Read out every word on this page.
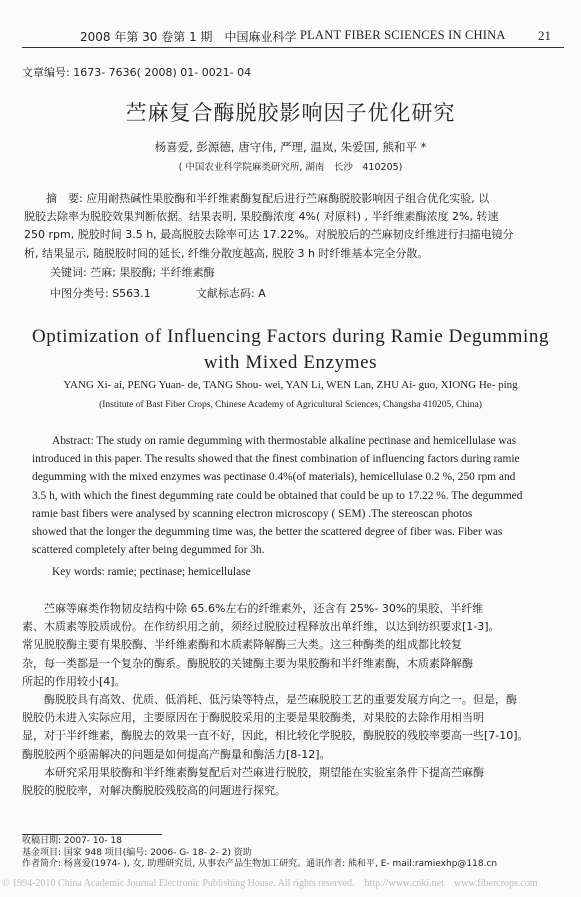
2008 年第 30 卷第 1 期　中国麻业科学 PLANT FIBER SCIENCES IN CHINA 21
文章编号: 1673- 7636( 2008) 01- 0021- 04
苎麻复合酶脱胶影响因子优化研究
杨喜爱, 彭源德, 唐守伟, 严理, 温岚, 朱爱国, 熊和平 *
( 中国农业科学院麻类研究所, 湖南　长沙　410205)

摘　要: 应用耐热碱性果胶酶和半纤维素酶复配后进行苎麻酶脱胶影响因子组合优化实验, 以

脱胶去除率为脱胶效果判断依据。结果表明, 果胶酶浓度 4%( 对原料) , 半纤维素酶浓度 2%, 转速

250 rpm, 脱胶时间 3.5 h, 最高脱胶去除率可达 17.22%。对脱胶后的苎麻韧皮纤维进行扫描电镜分

析, 结果显示, 随脱胶时间的延长, 纤维分散度越高, 脱胶 3 h 时纤维基本完全分散。

关键词: 苎麻; 果胶酶; 半纤维素酶
中图分类号: S563.1	文献标志码: A
Optimization of Influencing Factors during Ramie Degumming
with Mixed Enzymes
YANG Xi- ai, PENG Yuan- de, TANG Shou- wei, YAN Li, WEN Lan, ZHU Ai- guo, XIONG He- ping
(Institute of Bast Fiber Crops, Chinese Academy of Agricultural Sciences, Changsha 410205, China)

Abstract: The study on ramie degumming with thermostable alkaline pectinase and hemicellulase was

introduced in this paper. The results showed that the finest combination of influencing factors during ramie

degumming with the mixed enzymes was pectinase 0.4%(of materials), hemicellulase 0.2 %, 250 rpm and

3.5 h, with which the finest degumming rate could be obtained that could be up to 17.22 %. The degummed

ramie bast fibers were analysed by scanning electron microscopy ( SEM) .The stereoscan photos

showed that the longer the degumming time was, the better the scattered degree of fiber was. Fiber was

scattered completely after being degummed for 3h.

Key words: ramie; pectinase; hemicellulase

　　苎麻等麻类作物韧皮结构中除 65.6%左右的纤维素外，还含有 25%- 30%的果胶、半纤维

素、木质素等胶质成份。在作纺织用之前，须经过脱胶过程释放出单纤维，以达到纺织要求[1-3]。

常见脱胶酶主要有果胶酶、半纤维素酶和木质素降解酶三大类。这三种酶类的组成都比较复

杂，每一类都是一个复杂的酶系。酶脱胶的关键酶主要为果胶酶和半纤维素酶，木质素降解酶

所起的作用较小[4]。

　　酶脱胶具有高效、优质、低消耗、低污染等特点，是苎麻脱胶工艺的重要发展方向之一。但是，酶

脱胶仍未进入实际应用，主要原因在于酶脱胶采用的主要是果胶酶类，对果胶的去除作用相当明

显，对于半纤维素，酶脱去的效果一直不好，因此，相比较化学脱胶，酶脱胶的残胶率要高一些[7-10]。

酶脱胶两个亟需解决的问题是如何提高产酶量和酶活力[8-12]。

　　本研究采用果胶酶和半纤维素酶复配后对苎麻进行脱胶，期望能在实验室条件下提高苎麻酶

脱胶的脱胶率，对解决酶脱胶残胶高的问题进行探究。

收稿日期: 2007- 10- 18

基金项目: 国家 948 项目(编号: 2006- G- 18- 2- 2) 资助

作者简介: 杨喜爱(1974- ), 女, 助理研究员, 从事农产品生物加工研究。通讯作者: 熊和平, E- mail:ramiexhp@118.cn

© 1994-2010 China Academic Journal Electronic Publishing House. All rights reserved.　http://www.cnki.net　www.fibercrops.com
